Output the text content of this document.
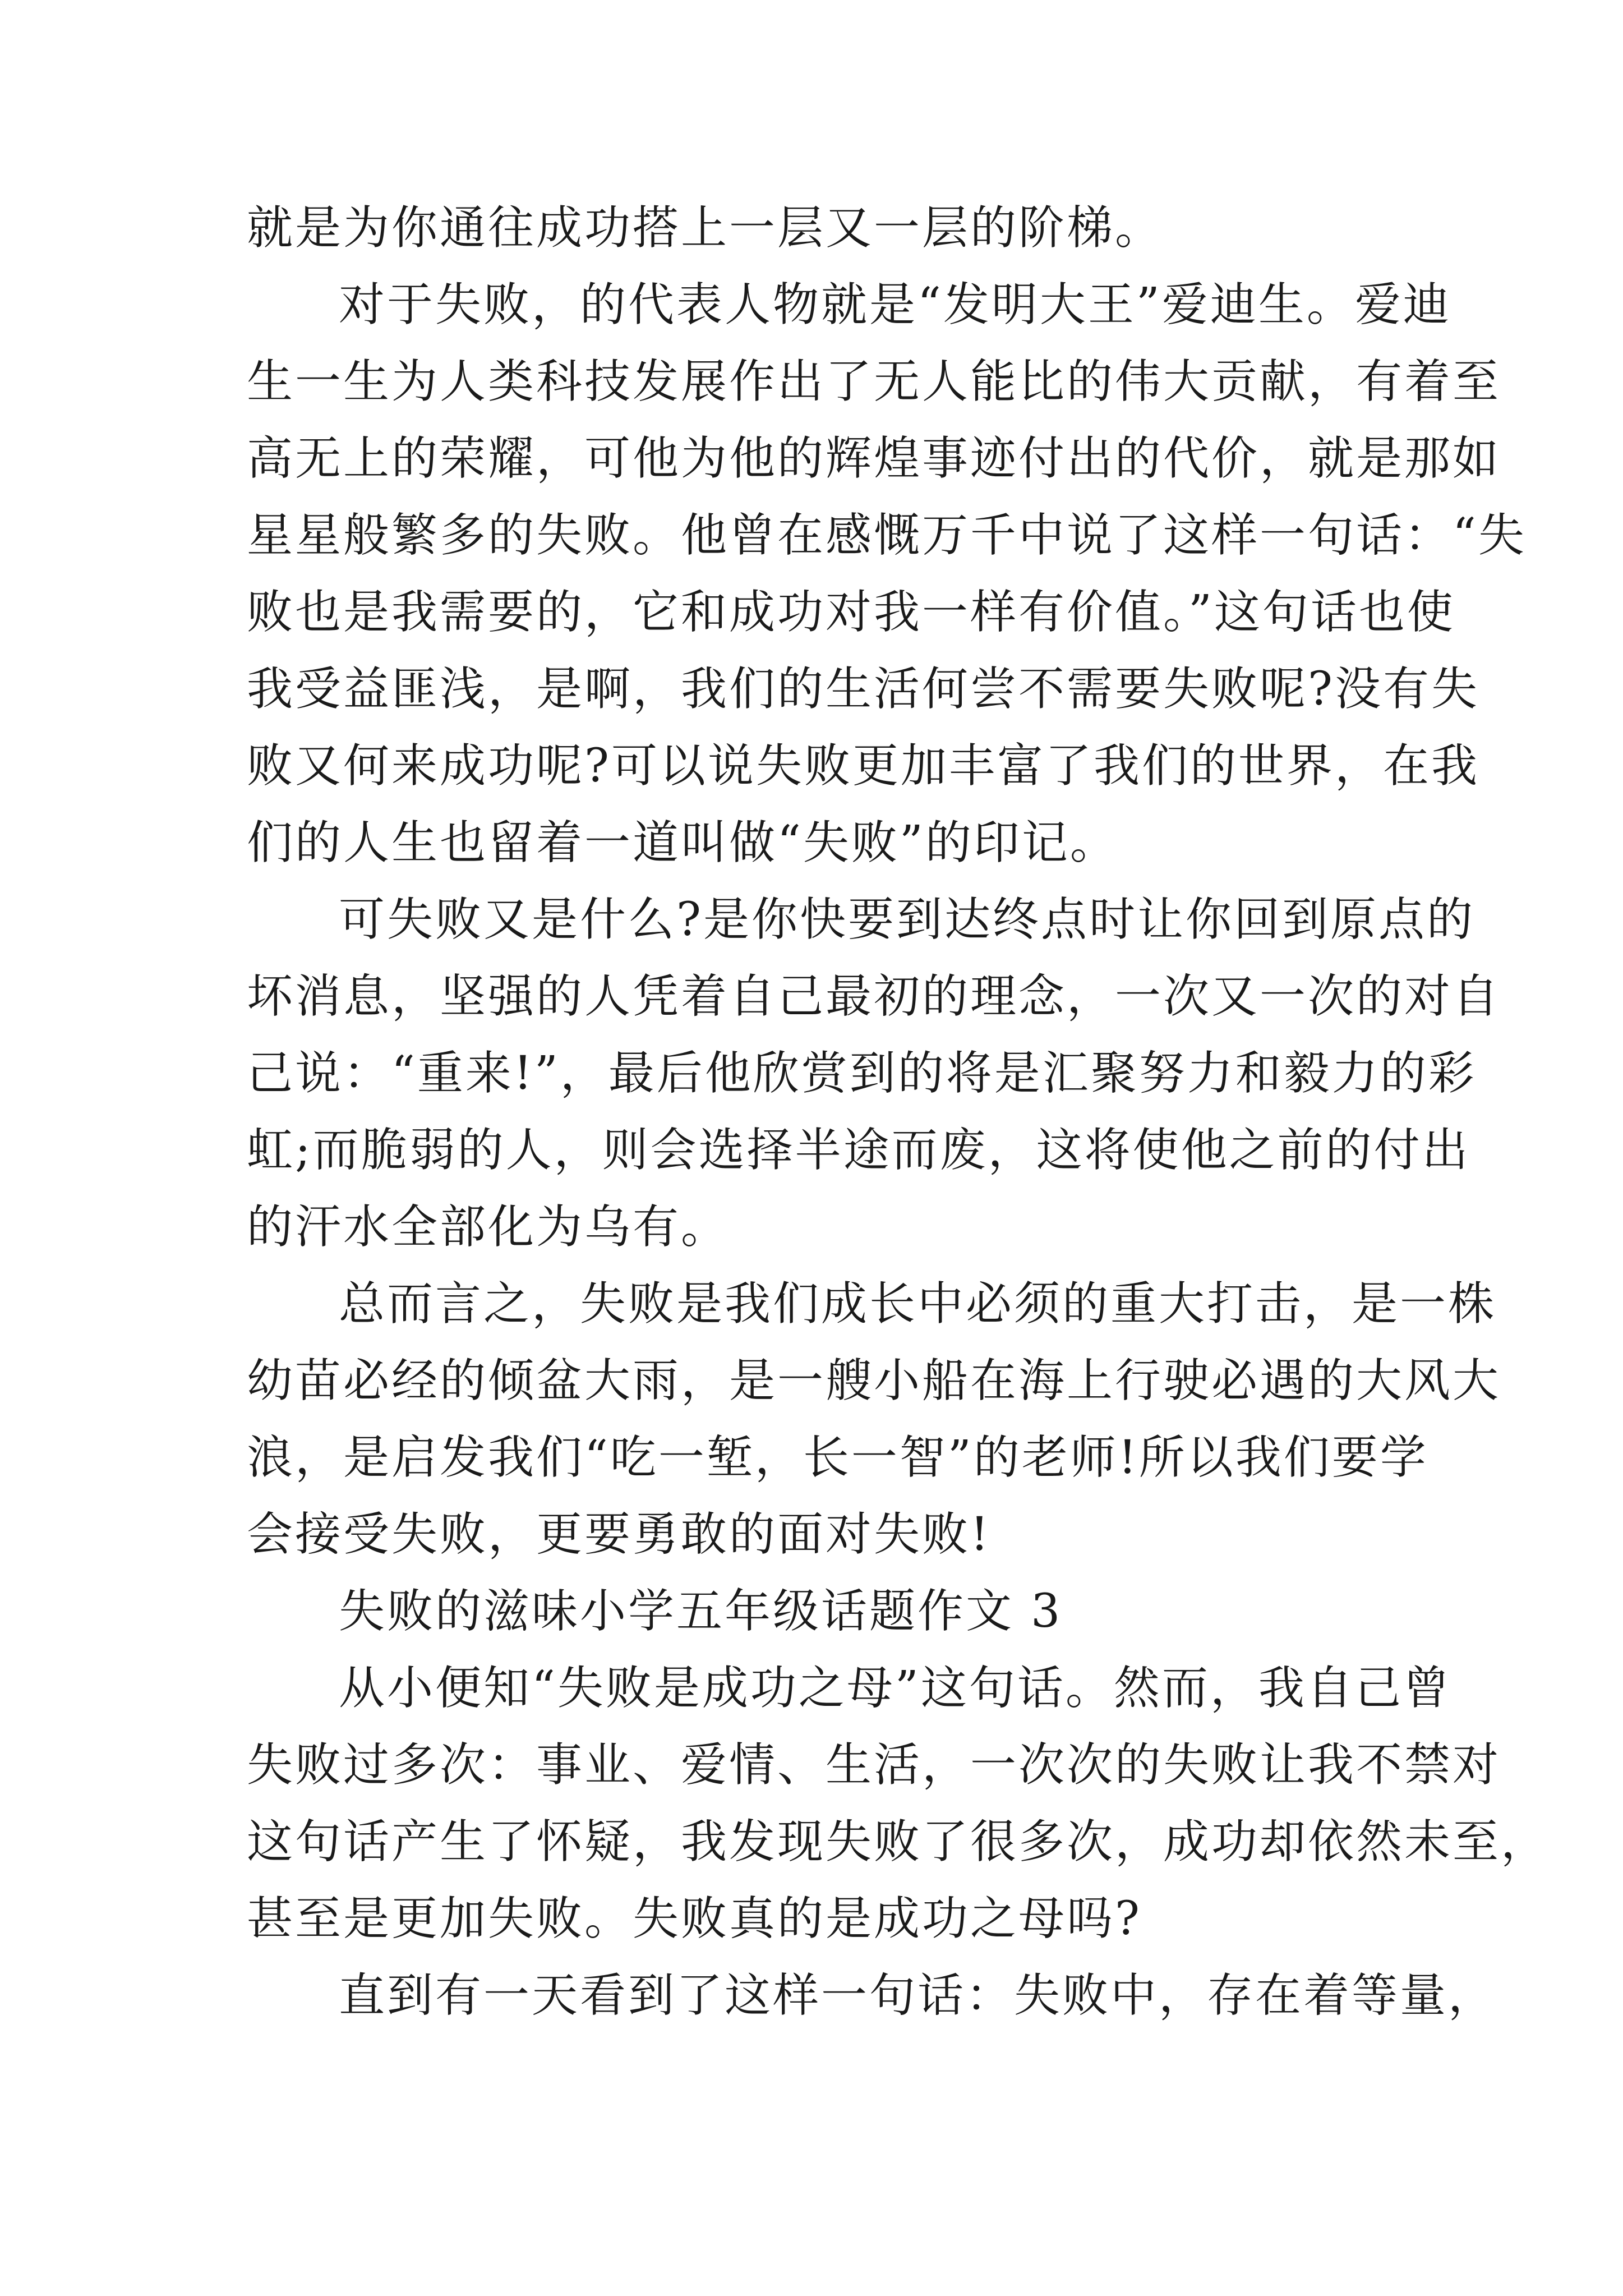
就是为你通往成功搭上一层又一层的阶梯。
对于失败，的代表人物就是“发明大王”爱迪生。爱迪
生一生为人类科技发展作出了无人能比的伟大贡献，有着至
高无上的荣耀，可他为他的辉煌事迹付出的代价，就是那如
星星般繁多的失败。他曾在感慨万千中说了这样一句话：“失
败也是我需要的，它和成功对我一样有价值。”这句话也使
我受益匪浅，是啊，我们的生活何尝不需要失败呢?没有失
败又何来成功呢?可以说失败更加丰富了我们的世界，在我
们的人生也留着一道叫做“失败”的印记。
可失败又是什么?是你快要到达终点时让你回到原点的
坏消息，坚强的人凭着自己最初的理念，一次又一次的对自
己说：“重来!”，最后他欣赏到的将是汇聚努力和毅力的彩
虹;而脆弱的人，则会选择半途而废，这将使他之前的付出
的汗水全部化为乌有。
总而言之，失败是我们成长中必须的重大打击，是一株
幼苗必经的倾盆大雨，是一艘小船在海上行驶必遇的大风大
浪，是启发我们“吃一堑，长一智”的老师!所以我们要学
会接受失败，更要勇敢的面对失败!
失败的滋味小学五年级话题作文 3
从小便知“失败是成功之母”这句话。然而，我自己曾
失败过多次：事业、爱情、生活，一次次的失败让我不禁对
这句话产生了怀疑，我发现失败了很多次，成功却依然未至，
甚至是更加失败。失败真的是成功之母吗?
直到有一天看到了这样一句话：失败中，存在着等量，
